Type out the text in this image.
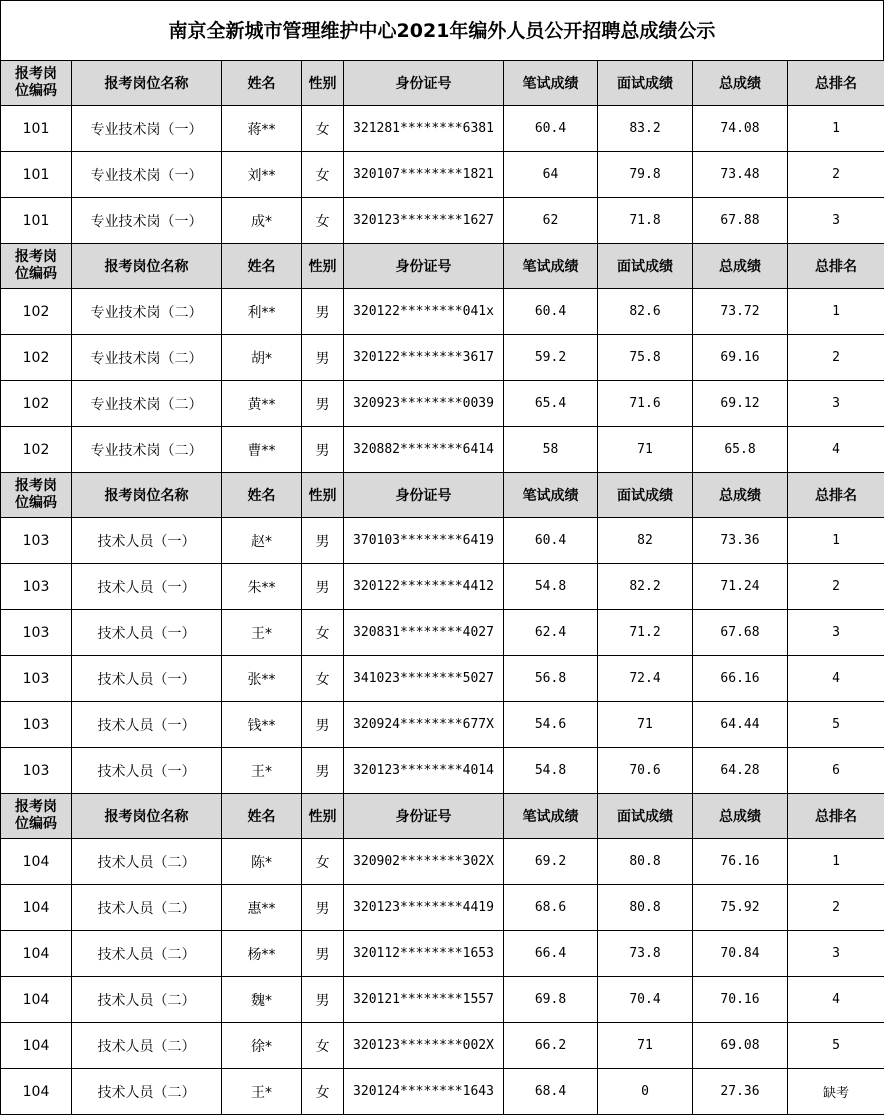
南京全新城市管理维护中心2021年编外人员公开招聘总成绩公示
报考岗
位编码	报考岗位名称	姓名	性别	身份证号	笔试成绩	面试成绩	总成绩	总排名
101	专业技术岗（一）	蒋**	女	321281********6381	60.4	83.2	74.08	1
101	专业技术岗（一）	刘**	女	320107********1821	64	79.8	73.48	2
101	专业技术岗（一）	成*	女	320123********1627	62	71.8	67.88	3
报考岗
位编码	报考岗位名称	姓名	性别	身份证号	笔试成绩	面试成绩	总成绩	总排名
102	专业技术岗（二）	利**	男	320122********041x	60.4	82.6	73.72	1
102	专业技术岗（二）	胡*	男	320122********3617	59.2	75.8	69.16	2
102	专业技术岗（二）	黄**	男	320923********0039	65.4	71.6	69.12	3
102	专业技术岗（二）	曹**	男	320882********6414	58	71	65.8	4
报考岗
位编码	报考岗位名称	姓名	性别	身份证号	笔试成绩	面试成绩	总成绩	总排名
103	技术人员（一）	赵*	男	370103********6419	60.4	82	73.36	1
103	技术人员（一）	朱**	男	320122********4412	54.8	82.2	71.24	2
103	技术人员（一）	王*	女	320831********4027	62.4	71.2	67.68	3
103	技术人员（一）	张**	女	341023********5027	56.8	72.4	66.16	4
103	技术人员（一）	钱**	男	320924********677X	54.6	71	64.44	5
103	技术人员（一）	王*	男	320123********4014	54.8	70.6	64.28	6
报考岗
位编码	报考岗位名称	姓名	性别	身份证号	笔试成绩	面试成绩	总成绩	总排名
104	技术人员（二）	陈*	女	320902********302X	69.2	80.8	76.16	1
104	技术人员（二）	惠**	男	320123********4419	68.6	80.8	75.92	2
104	技术人员（二）	杨**	男	320112********1653	66.4	73.8	70.84	3
104	技术人员（二）	魏*	男	320121********1557	69.8	70.4	70.16	4
104	技术人员（二）	徐*	女	320123********002X	66.2	71	69.08	5
104	技术人员（二）	王*	女	320124********1643	68.4	0	27.36	缺考
